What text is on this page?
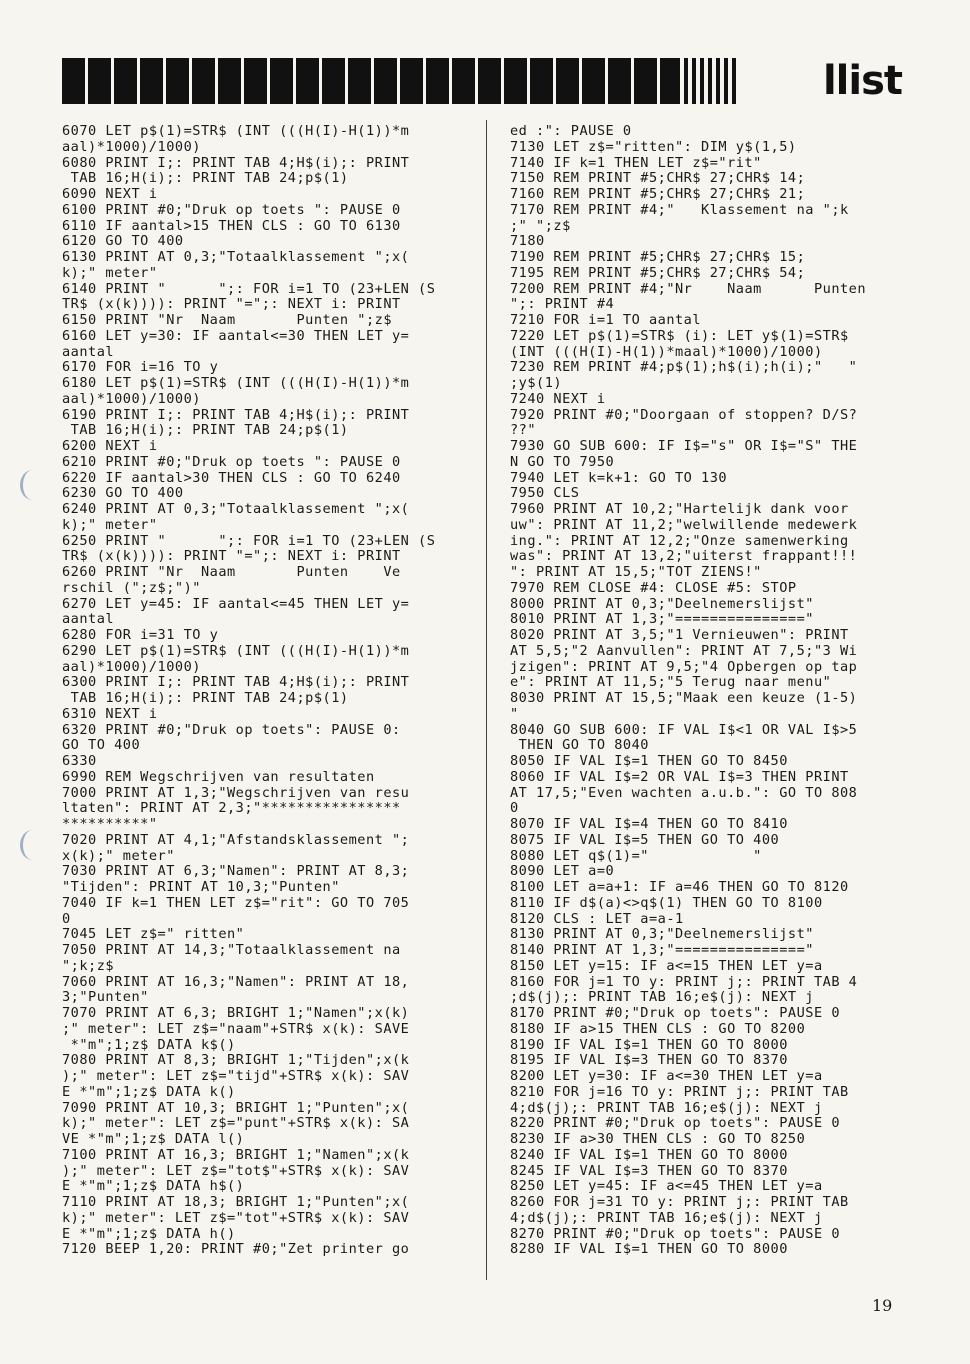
llist
6070 LET p$(1)=STR$ (INT (((H(I)-H(1))*m
aal)*1000)/1000)
6080 PRINT I;: PRINT TAB 4;H$(i);: PRINT
TAB 16;H(i);: PRINT TAB 24;p$(1)
6090 NEXT i
6100 PRINT #0;"Druk op toets ": PAUSE 0
6110 IF aantal>15 THEN CLS : GO TO 6130
6120 GO TO 400
6130 PRINT AT 0,3;"Totaalklassement ";x(
k);" meter"
6140 PRINT "      ";: FOR i=1 TO (23+LEN (S
TR$ (x(k)))): PRINT "=";: NEXT i: PRINT
6150 PRINT "Nr  Naam       Punten ";z$
6160 LET y=30: IF aantal<=30 THEN LET y=
aantal
6170 FOR i=16 TO y
6180 LET p$(1)=STR$ (INT (((H(I)-H(1))*m
aal)*1000)/1000)
6190 PRINT I;: PRINT TAB 4;H$(i);: PRINT
TAB 16;H(i);: PRINT TAB 24;p$(1)
6200 NEXT i
6210 PRINT #0;"Druk op toets ": PAUSE 0
6220 IF aantal>30 THEN CLS : GO TO 6240
6230 GO TO 400
6240 PRINT AT 0,3;"Totaalklassement ";x(
k);" meter"
6250 PRINT "      ";: FOR i=1 TO (23+LEN (S
TR$ (x(k)))): PRINT "=";: NEXT i: PRINT
6260 PRINT "Nr  Naam       Punten    Ve
rschil (";z$;")"
6270 LET y=45: IF aantal<=45 THEN LET y=
aantal
6280 FOR i=31 TO y
6290 LET p$(1)=STR$ (INT (((H(I)-H(1))*m
aal)*1000)/1000)
6300 PRINT I;: PRINT TAB 4;H$(i);: PRINT
TAB 16;H(i);: PRINT TAB 24;p$(1)
6310 NEXT i
6320 PRINT #0;"Druk op toets": PAUSE 0:
GO TO 400
6330
6990 REM Wegschrijven van resultaten
7000 PRINT AT 1,3;"Wegschrijven van resu
ltaten": PRINT AT 2,3;"****************
**********"
7020 PRINT AT 4,1;"Afstandsklassement ";
x(k);" meter"
7030 PRINT AT 6,3;"Namen": PRINT AT 8,3;
"Tijden": PRINT AT 10,3;"Punten"
7040 IF k=1 THEN LET z$="rit": GO TO 705
0
7045 LET z$=" ritten"
7050 PRINT AT 14,3;"Totaalklassement na
";k;z$
7060 PRINT AT 16,3;"Namen": PRINT AT 18,
3;"Punten"
7070 PRINT AT 6,3; BRIGHT 1;"Namen";x(k)
;" meter": LET z$="naam"+STR$ x(k): SAVE
*"m";1;z$ DATA k$()
7080 PRINT AT 8,3; BRIGHT 1;"Tijden";x(k
);" meter": LET z$="tijd"+STR$ x(k): SAV
E *"m";1;z$ DATA k()
7090 PRINT AT 10,3; BRIGHT 1;"Punten";x(
k);" meter": LET z$="punt"+STR$ x(k): SA
VE *"m";1;z$ DATA l()
7100 PRINT AT 16,3; BRIGHT 1;"Namen";x(k
);" meter": LET z$="tot$"+STR$ x(k): SAV
E *"m";1;z$ DATA h$()
7110 PRINT AT 18,3; BRIGHT 1;"Punten";x(
k);" meter": LET z$="tot"+STR$ x(k): SAV
E *"m";1;z$ DATA h()
7120 BEEP 1,20: PRINT #0;"Zet printer go
ed :": PAUSE 0
7130 LET z$="ritten": DIM y$(1,5)
7140 IF k=1 THEN LET z$="rit"
7150 REM PRINT #5;CHR$ 27;CHR$ 14;
7160 REM PRINT #5;CHR$ 27;CHR$ 21;
7170 REM PRINT #4;"   Klassement na ";k
;" ";z$
7180
7190 REM PRINT #5;CHR$ 27;CHR$ 15;
7195 REM PRINT #5;CHR$ 27;CHR$ 54;
7200 REM PRINT #4;"Nr    Naam      Punten
";: PRINT #4
7210 FOR i=1 TO aantal
7220 LET p$(1)=STR$ (i): LET y$(1)=STR$
(INT (((H(I)-H(1))*maal)*1000)/1000)
7230 REM PRINT #4;p$(1);h$(i);h(i);"   "
;y$(1)
7240 NEXT i
7920 PRINT #0;"Doorgaan of stoppen? D/S?
??"
7930 GO SUB 600: IF I$="s" OR I$="S" THE
N GO TO 7950
7940 LET k=k+1: GO TO 130
7950 CLS
7960 PRINT AT 10,2;"Hartelijk dank voor
uw": PRINT AT 11,2;"welwillende medewerk
ing.": PRINT AT 12,2;"Onze samenwerking
was": PRINT AT 13,2;"uiterst frappant!!!
": PRINT AT 15,5;"TOT ZIENS!"
7970 REM CLOSE #4: CLOSE #5: STOP
8000 PRINT AT 0,3;"Deelnemerslijst"
8010 PRINT AT 1,3;"==============="
8020 PRINT AT 3,5;"1 Vernieuwen": PRINT
AT 5,5;"2 Aanvullen": PRINT AT 7,5;"3 Wi
jzigen": PRINT AT 9,5;"4 Opbergen op tap
e": PRINT AT 11,5;"5 Terug naar menu"
8030 PRINT AT 15,5;"Maak een keuze (1-5)
"
8040 GO SUB 600: IF VAL I$<1 OR VAL I$>5
THEN GO TO 8040
8050 IF VAL I$=1 THEN GO TO 8450
8060 IF VAL I$=2 OR VAL I$=3 THEN PRINT
AT 17,5;"Even wachten a.u.b.": GO TO 808
0
8070 IF VAL I$=4 THEN GO TO 8410
8075 IF VAL I$=5 THEN GO TO 400
8080 LET q$(1)="            "
8090 LET a=0
8100 LET a=a+1: IF a=46 THEN GO TO 8120
8110 IF d$(a)<>q$(1) THEN GO TO 8100
8120 CLS : LET a=a-1
8130 PRINT AT 0,3;"Deelnemerslijst"
8140 PRINT AT 1,3;"==============="
8150 LET y=15: IF a<=15 THEN LET y=a
8160 FOR j=1 TO y: PRINT j;: PRINT TAB 4
;d$(j);: PRINT TAB 16;e$(j): NEXT j
8170 PRINT #0;"Druk op toets": PAUSE 0
8180 IF a>15 THEN CLS : GO TO 8200
8190 IF VAL I$=1 THEN GO TO 8000
8195 IF VAL I$=3 THEN GO TO 8370
8200 LET y=30: IF a<=30 THEN LET y=a
8210 FOR j=16 TO y: PRINT j;: PRINT TAB
4;d$(j);: PRINT TAB 16;e$(j): NEXT j
8220 PRINT #0;"Druk op toets": PAUSE 0
8230 IF a>30 THEN CLS : GO TO 8250
8240 IF VAL I$=1 THEN GO TO 8000
8245 IF VAL I$=3 THEN GO TO 8370
8250 LET y=45: IF a<=45 THEN LET y=a
8260 FOR j=31 TO y: PRINT j;: PRINT TAB
4;d$(j);: PRINT TAB 16;e$(j): NEXT j
8270 PRINT #0;"Druk op toets": PAUSE 0
8280 IF VAL I$=1 THEN GO TO 8000
19
